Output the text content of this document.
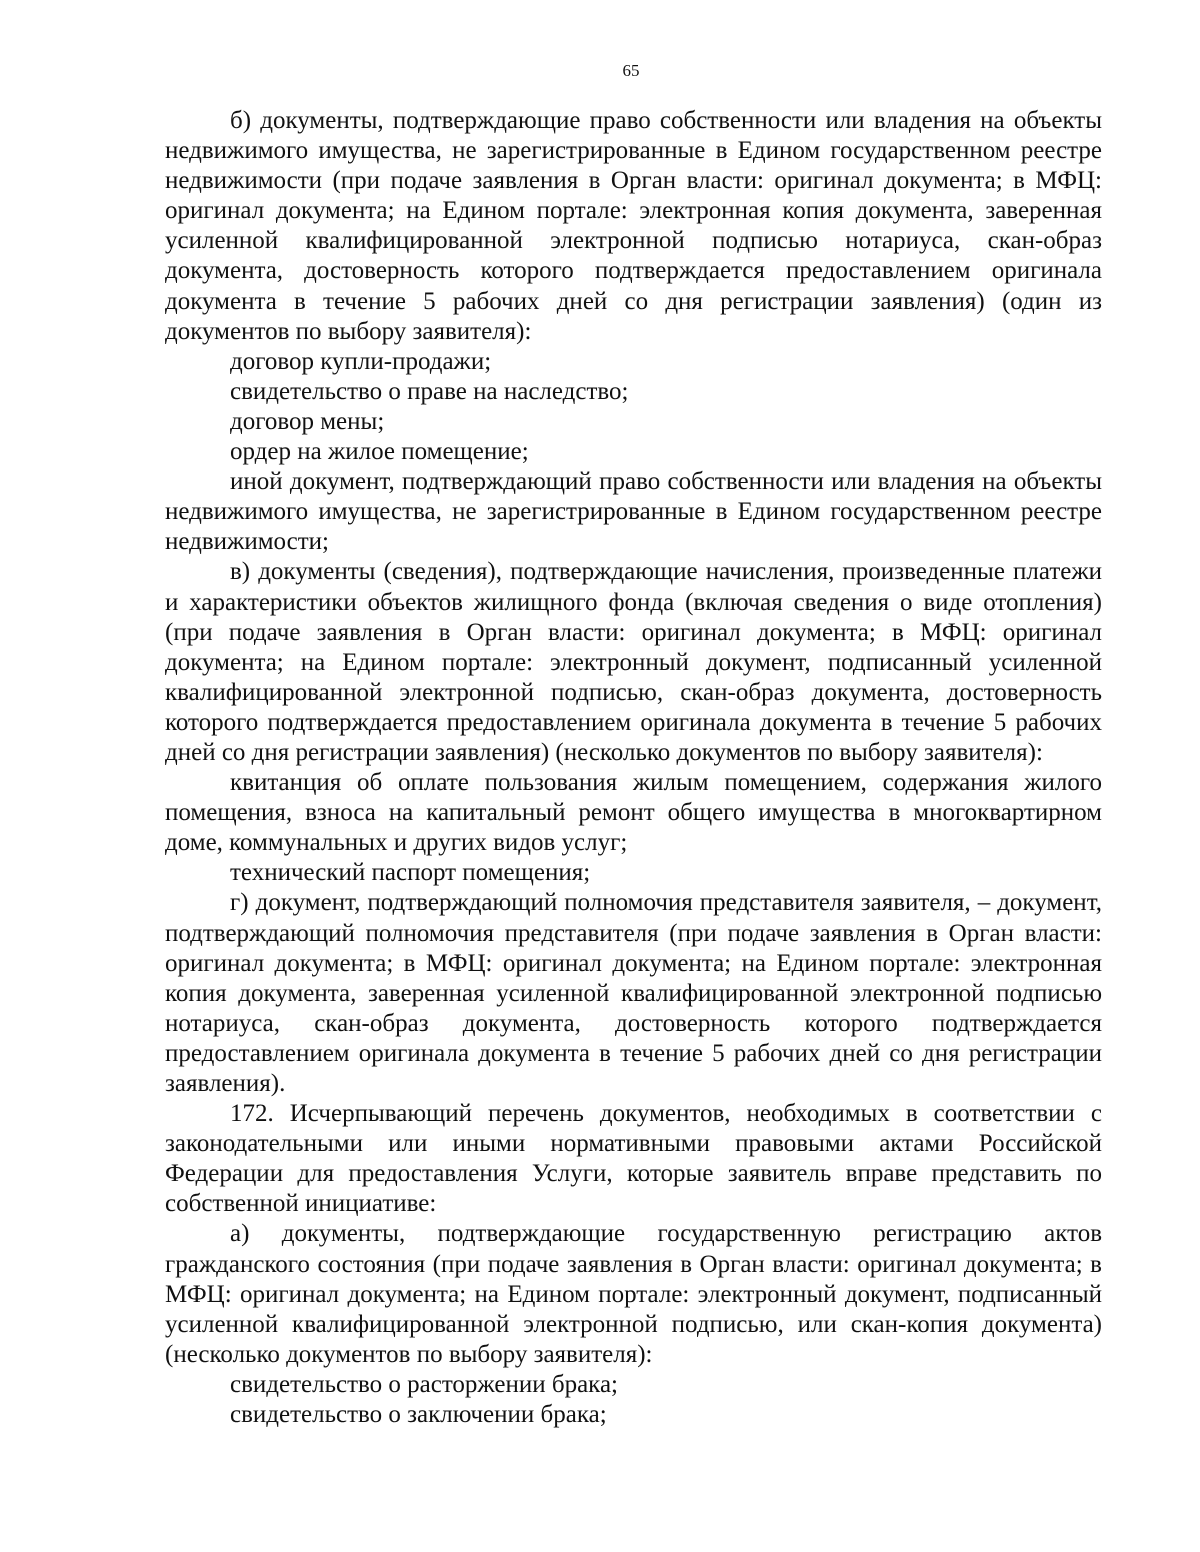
65

б) документы, подтверждающие право собственности или владения на объекты недвижимого имущества, не зарегистрированные в Едином государственном реестре недвижимости (при подаче заявления в Орган власти: оригинал документа; в МФЦ: оригинал документа; на Едином портале: электронная копия документа, заверенная усиленной квалифицированной электронной подписью нотариуса, скан-образ документа, достоверность которого подтверждается предоставлением оригинала документа в течение 5 рабочих дней со дня регистрации заявления) (один из документов по выбору заявителя):

договор купли-продажи;

свидетельство о праве на наследство;

договор мены;

ордер на жилое помещение;

иной документ, подтверждающий право собственности или владения на объекты недвижимого имущества, не зарегистрированные в Едином государственном реестре недвижимости;

в) документы (сведения), подтверждающие начисления, произведенные платежи и характеристики объектов жилищного фонда (включая сведения о виде отопления) (при подаче заявления в Орган власти: оригинал документа; в МФЦ: оригинал документа; на Едином портале: электронный документ, подписанный усиленной квалифицированной электронной подписью, скан-образ документа, достоверность которого подтверждается предоставлением оригинала документа в течение 5 рабочих дней со дня регистрации заявления) (несколько документов по выбору заявителя):

квитанция об оплате пользования жилым помещением, содержания жилого помещения, взноса на капитальный ремонт общего имущества в многоквартирном доме, коммунальных и других видов услуг;

технический паспорт помещения;

г) документ, подтверждающий полномочия представителя заявителя, – документ, подтверждающий полномочия представителя (при подаче заявления в Орган власти: оригинал документа; в МФЦ: оригинал документа; на Едином портале: электронная копия документа, заверенная усиленной квалифицированной электронной подписью нотариуса, скан-образ документа, достоверность которого подтверждается предоставлением оригинала документа в течение 5 рабочих дней со дня регистрации заявления).

172. Исчерпывающий перечень документов, необходимых в соответствии с законодательными или иными нормативными правовыми актами Российской Федерации для предоставления Услуги, которые заявитель вправе представить по собственной инициативе:

а) документы, подтверждающие государственную регистрацию актов гражданского состояния (при подаче заявления в Орган власти: оригинал документа; в МФЦ: оригинал документа; на Едином портале: электронный документ, подписанный усиленной квалифицированной электронной подписью, или скан-копия документа) (несколько документов по выбору заявителя):

свидетельство о расторжении брака;

свидетельство о заключении брака;
